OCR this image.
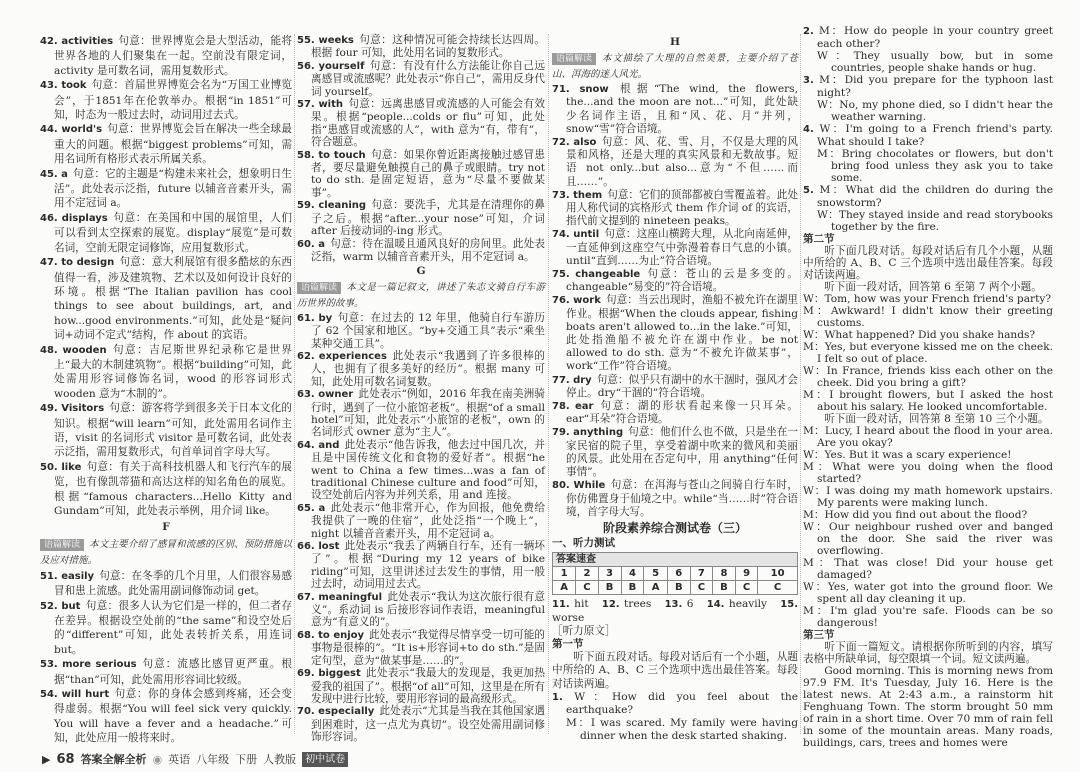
42. activities 句意：世界博览会是大型活动，能将世界各地的人们聚集在一起。空前没有限定词，activity 是可数名词，需用复数形式。
43. took 句意：首届世界博览会名为“万国工业博览会”，于1851年在伦敦举办。根据“in 1851”可知，时态为一般过去时，动词用过去式。
44. world's 句意：世界博览会旨在解决一些全球最重大的问题。根据“biggest problems”可知，需用名词所有格形式表示所属关系。
45. a 句意：它的主题是“构建未来社会，想象明日生活”。此处表示泛指，future 以辅音音素开头，需用不定冠词 a。
46. displays 句意：在美国和中国的展馆里，人们可以看到太空探索的展览。display“展览”是可数名词，空前无限定词修饰，应用复数形式。
47. to design 句意：意大利展馆有很多酷炫的东西值得一看，涉及建筑物、艺术以及如何设计良好的环境。根据“The Italian pavilion has cool things to see about buildings, art, and how...good environments.”可知，此处是“疑问词+动词不定式”结构，作 about 的宾语。
48. wooden 句意：吉尼斯世界纪录称它是世界上“最大的木制建筑物”。根据“building”可知，此处需用形容词修饰名词，wood 的形容词形式 wooden 意为“木制的”。
49. Visitors 句意：游客将学到很多关于日本文化的知识。根据“will learn”可知，此处需用名词作主语，visit 的名词形式 visitor 是可数名词，此处表示泛指，需用复数形式，句首单词首字母大写。
50. like 句意：有关于高科技机器人和飞行汽车的展览，也有像凯蒂猫和高达这样的知名角色的展览。根据“famous characters...Hello Kitty and Gundam”可知，此处表示举例，用介词 like。
F
语篇解读 本文主要介绍了感冒和流感的区别、预防措施以及应对措施。
51. easily 句意：在冬季的几个月里，人们很容易感冒和患上流感。此处需用副词修饰动词 get。
52. but 句意：很多人认为它们是一样的，但二者存在差异。根据设空处前的“the same”和设空处后的“different”可知，此处表转折关系，用连词 but。
53. more serious 句意：流感比感冒更严重。根据“than”可知，此处需用形容词比较级。
54. will hurt 句意：你的身体会感到疼痛，还会变得虚弱。根据“You will feel sick very quickly. You will have a fever and a headache.”可知，此处应用一般将来时。
55. weeks 句意：这种情况可能会持续长达四周。根据 four 可知，此处用名词的复数形式。
56. yourself 句意：有没有什么方法能让你自己远离感冒或流感呢？此处表示“你自己”，需用反身代词 yourself。
57. with 句意：远离患感冒或流感的人可能会有效果。根据“people...colds or flu”可知，此处指“患感冒或流感的人”，with 意为“有，带有”，符合题意。
58. to touch 句意：如果你曾近距离接触过感冒患者，要尽量避免触摸自己的鼻子或眼睛。try not to do sth. 是固定短语，意为“尽量不要做某事”。
59. cleaning 句意：要洗手，尤其是在清理你的鼻子之后。根据“after...your nose”可知，介词 after 后接动词的-ing 形式。
60. a 句意：待在温暖且通风良好的房间里。此处表泛指，warm 以辅音音素开头，用不定冠词 a。
G
语篇解读 本文是一篇记叙文，讲述了朱志文骑自行车游历世界的故事。
61. by 句意：在过去的 12 年里，他骑自行车游历了 62 个国家和地区。“by+交通工具”表示“乘坐某种交通工具”。
62. experiences 此处表示“我遇到了许多很棒的人，也拥有了很多美好的经历”。根据 many 可知，此处用可数名词复数。
63. owner 此处表示“例如，2016 年我在南美洲骑行时，遇到了一位小旅馆老板”。根据“of a small hotel”可知，此处表示“小旅馆的老板”，own 的名词形式 owner 意为“主人”。
64. and 此处表示“他告诉我，他去过中国几次，并且是中国传统文化和食物的爱好者”。根据“he went to China a few times...was a fan of traditional Chinese culture and food”可知，设空处前后内容为并列关系，用 and 连接。
65. a 此处表示“他非常开心，作为回报，他免费给我提供了一晚的住宿”，此处泛指“一个晚上”，night 以辅音音素开头，用不定冠词 a。
66. lost 此处表示“我丢了两辆自行车，还有一辆坏了”。根据“During my 12 years of bike riding”可知，这里讲述过去发生的事情，用一般过去时，动词用过去式。
67. meaningful 此处表示“我认为这次旅行很有意义”。系动词 is 后接形容词作表语，meaningful 意为“有意义的”。
68. to enjoy 此处表示“我觉得尽情享受一切可能的事物是很棒的”。“It is+形容词+to do sth.”是固定句型，意为“做某事是……的”。
69. biggest 此处表示“我最大的发现是，我更加热爱我的祖国了”。根据“of all”可知，这里是在所有发现中进行比较，要用形容词的最高级形式。
70. especially 此处表示“尤其是当我在其他国家遇到困难时，这一点尤为真切”。设空处需用副词修饰形容词。
H
语篇解读 本文描绘了大理的自然美景，主要介绍了苍山、洱海的迷人风光。
71. snow 根据“The wind, the flowers, the...and the moon are not...”可知，此处缺少名词作主语，且和“风、花、月”并列，snow“雪”符合语境。
72. also 句意：风、花、雪、月，不仅是大理的风景和风格，还是大理的真实风景和无数故事。短语 not only...but also...意为“不但……而且……”。
73. them 句意：它们的顶部都被白雪覆盖着。此处用人称代词的宾格形式 them 作介词 of 的宾语，指代前文提到的 nineteen peaks。
74. until 句意：这座山横跨大理，从北向南延伸，一直延伸到这座空气中弥漫着春日气息的小镇。until“直到……为止”符合语境。
75. changeable 句意：苍山的云是多变的。changeable“易变的”符合语境。
76. work 句意：当云出现时，渔船不被允许在湖里作业。根据“When the clouds appear, fishing boats aren't allowed to...in the lake.”可知，此处指渔船不被允许在湖中作业。be not allowed to do sth. 意为“不被允许做某事”，work“工作”符合语境。
77. dry 句意：似乎只有湖中的水干涸时，强风才会停止。dry“干涸的”符合语境。
78. ear 句意：湖的形状看起来像一只耳朵。ear“耳朵”符合语境。
79. anything 句意：他们什么也不做，只是坐在一家民宿的院子里，享受着湖中吹来的微风和美丽的风景。此处用在否定句中，用 anything“任何事情”。
80. While 句意：在洱海与苍山之间骑自行车时，你仿佛置身于仙境之中。while“当……时”符合语境，首字母大写。
阶段素养综合测试卷（三）
一、听力测试
答案速查									
1	2	3	4	5	6	7	8	9	10
A	C	B	B	A	B	C	B	C	C
11. hit 12. trees 13. 6 14. heavily 15. worse
［听力原文］
第一节
听下面五段对话。每段对话后有一个小题，从题中所给的 A、B、C 三个选项中选出最佳答案。每段对话读两遍。
1. W：How did you feel about the earthquake?
M：I was scared. My family were having dinner when the desk started shaking.
2. M：How do people in your country greet each other?
W：They usually bow, but in some countries, people shake hands or hug.
3. M：Did you prepare for the typhoon last night?
W：No, my phone died, so I didn't hear the weather warning.
4. W：I'm going to a French friend's party. What should I take?
M：Bring chocolates or flowers, but don't bring food unless they ask you to take some.
5. M：What did the children do during the snowstorm?
W：They stayed inside and read storybooks together by the fire.
第二节
听下面几段对话。每段对话后有几个小题，从题中所给的 A、B、C 三个选项中选出最佳答案。每段对话读两遍。
听下面一段对话，回答第 6 至第 7 两个小题。
W：Tom, how was your French friend's party?
M：Awkward! I didn't know their greeting customs.
W：What happened? Did you shake hands?
M：Yes, but everyone kissed me on the cheek. I felt so out of place.
W：In France, friends kiss each other on the cheek. Did you bring a gift?
M：I brought flowers, but I asked the host about his salary. He looked uncomfortable.
听下面一段对话，回答第 8 至第 10 三个小题。
M：Lucy, I heard about the flood in your area. Are you okay?
W：Yes. But it was a scary experience!
M：What were you doing when the flood started?
W：I was doing my math homework upstairs. My parents were making lunch.
M：How did you find out about the flood?
W：Our neighbour rushed over and banged on the door. She said the river was overflowing.
M：That was close! Did your house get damaged?
W：Yes, water got into the ground floor. We spent all day cleaning it up.
M：I'm glad you're safe. Floods can be so dangerous!
第三节
听下面一篇短文。请根据你所听到的内容，填写表格中所缺单词，每空限填一个词。短文读两遍。
Good morning. This is morning news from 97.9 FM. It's Tuesday, July 16. Here is the latest news. At 2:43 a.m., a rainstorm hit Fenghuang Town. The storm brought 50 mm of rain in a short time. Over 70 mm of rain fell in some of the mountain areas. Many roads, buildings, cars, trees and homes were
▶ 68 答案全解全析 ◉ 英语 八年级 下册 人教版 初中试卷
